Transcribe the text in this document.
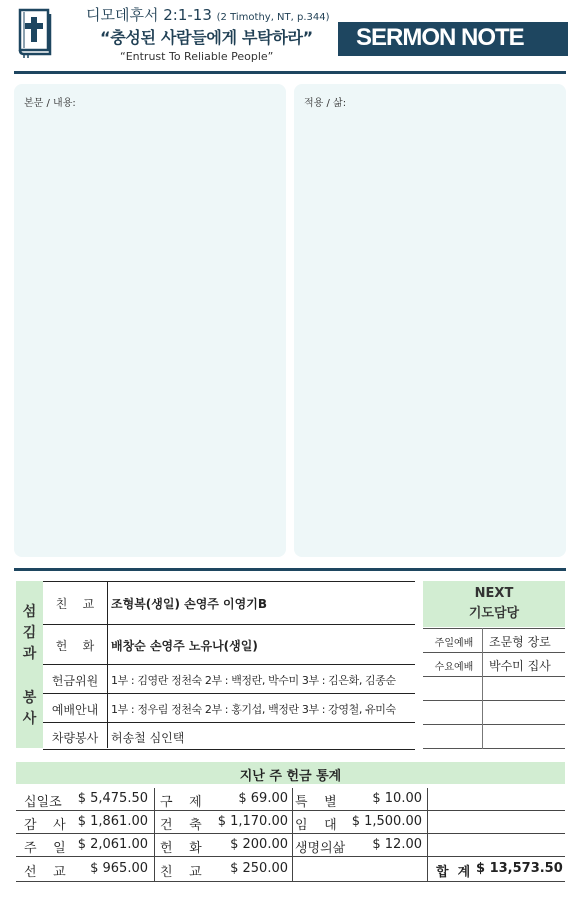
디모데후서 2:1-13 (2 Timothy, NT, p.344)
“충성된 사람들에게 부탁하라”
“Entrust To Reliable People”
SERMON NOTE
본문 / 내용:	적용 / 삶:
섬
김
과
봉
사
친    교	조형복(생일) 손영주 이영기B
헌    화	배창순 손영주 노유나(생일)
헌금위원	1부 : 김영란 정천숙 2부 : 백정란, 박수미 3부 : 김은화, 김종순
예배안내	1부 : 정우림 정천숙 2부 : 홍기섭, 백정란 3부 : 강영철, 유미숙
차량봉사	허송철 심인택
NEXT
기도담당
주일예배	조문형 장로
수요예배	박수미 집사
지난 주 헌금 통계
십일조 $ 5,475.50 구    제	$ 69.00 특    별	$ 10.00
감    사 $ 1,861.00 건    축 $ 1,170.00 임    대	$ 1,500.00
주    일 $ 2,061.00 헌    화	$ 200.00 생명의삶	$ 12.00
선    교	$ 965.00 친    교	$ 250.00	합  계 $ 13,573.50
